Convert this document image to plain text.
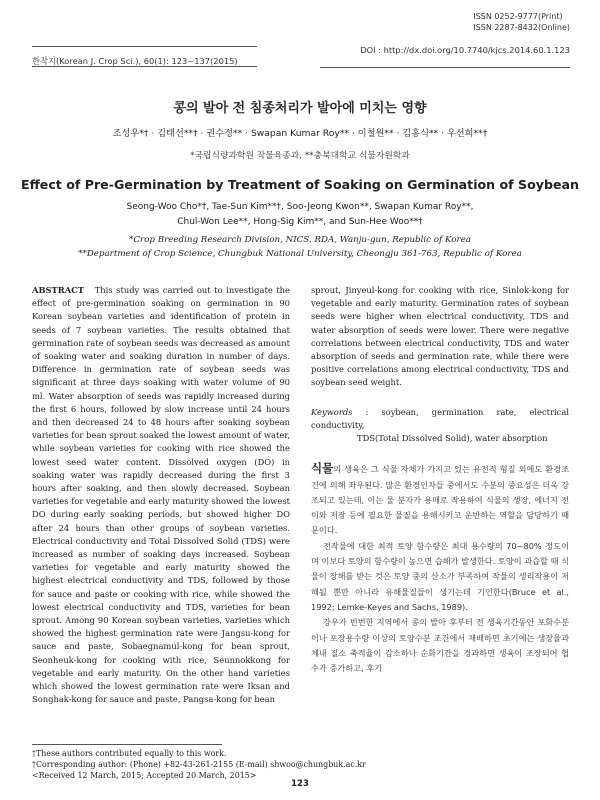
ISSN 0252-9777(Print)
ISSN 2287-8432(Online)
DOI : http://dx.doi.org/10.7740/kjcs.2014.60.1.123
한작지(Korean J. Crop Sci.), 60(1): 123~137(2015)
콩의 발아 전 침종처리가 발아에 미치는 영향
조성우*† · 김태선**† · 권수정** · Swapan Kumar Roy** · 이철원** · 김홍식** · 우선희**†
*국립식량과학원 작물육종과, **충북대학교 식물자원학과
Effect of Pre-Germination by Treatment of Soaking on Germination of Soybean
Seong-Woo Cho*†, Tae-Sun Kim**†, Soo-Jeong Kwon**, Swapan Kumar Roy**,
Chul-Won Lee**, Hong-Sig Kim**, and Sun-Hee Woo**†
*Crop Breeding Research Division, NICS, RDA, Wanju-gun, Republic of Korea
**Department of Crop Science, Chungbuk National University, Cheongju 361-763, Republic of Korea

ABSTRACT This study was carried out to investigate the effect of pre-germination soaking on germination in 90 Korean soybean varieties and identification of protein in seeds of 7 soybean varieties. The results obtained that germination rate of soybean seeds was decreased as amount of soaking water and soaking duration in number of days. Difference in germination rate of soybean seeds was significant at three days soaking with water volume of 90 ml. Water absorption of seeds was rapidly increased during the first 6 hours, followed by slow increase until 24 hours and then decreased 24 to 48 hours after soaking soybean varieties for bean sprout soaked the lowest amount of water, while soybean varieties for cooking with rice showed the lowest seed water content. Dissolved oxygen (DO) in soaking water was rapidly decreased during the first 3 hours after soaking, and then slowly decreased. Soybean varieties for vegetable and early maturity showed the lowest DO during early soaking periods, but showed higher DO after 24 hours than other groups of soybean varieties. Electrical conductivity and Total Dissolved Solid (TDS) were increased as number of soaking days increased. Soybean varieties for vegetable and early maturity showed the highest electrical conductivity and TDS, followed by those for sauce and paste or cooking with rice, while showed the lowest electrical conductivity and TDS, varieties for bean sprout. Among 90 Korean soybean varieties, varieties which showed the highest germination rate were Jangsu-kong for sauce and paste, Sobaegnamul-kong for bean sprout, Seonheuk-kong for cooking with rice, Seunnokkong for vegetable and early maturity. On the other hand varieties which showed the lowest germination rate were Iksan and Songhak-kong for sauce and paste, Pangsa-kong for bean

sprout, Jinyeul-kong for cooking with rice, Sinlok-kong for vegetable and early maturity. Germination rates of soybean seeds were higher when electrical conductivity, TDS and water absorption of seeds were lower. There were negative correlations between electrical conductivity, TDS and water absorption of seeds and germination rate, while there were positive correlations among electrical conductivity, TDS and soybean seed weight.

Keywords : soybean, germination rate, electrical conductivity,

TDS(Total Dissolved Solid), water absorption

식물의 생육은 그 식물 자체가 가지고 있는 유전적 형질 외에도 환경조건에 의해 좌우된다. 많은 환경인자들 중에서도 수분의 중요성은 더욱 강조되고 있는데, 이는 물 분자가 용매로 작용하여 식물의 생장, 에너지 전이와 저장 등에 필요한 물질을 용해시키고 운반하는 역할을 담당하기 때문이다.

전작물에 대한 최적 토양 함수량은 최대 용수량의 70~80% 정도이며 이보다 토양의 함수량이 높으면 습해가 발생한다. 토양이 과습할 때 식물이 장해를 받는 것은 토양 중의 산소가 부족하여 작물의 생리작용이 저해될 뿐만 아니라 유해물질들이 생기는데 기인한다(Bruce et al., 1992; Lemke-Keyes and Sachs, 1989).

강우가 빈번한 지역에서 콩의 발아 후부터 전 생육기간동안 포화수분이나 포장용수량 이상의 토양수분 조건에서 재배하면 초기에는 생장율과 체내 질소 축적율이 감소하나 순화기간을 경과하면 생육이 조장되어 협수가 증가하고, 후기

†These authors contributed equally to this work.
†Corresponding author: (Phone) +82-43-261-2155 (E-mail) shwoo@chungbuk.ac.kr
<Received 12 March, 2015; Accepted 20 March, 2015>
123
